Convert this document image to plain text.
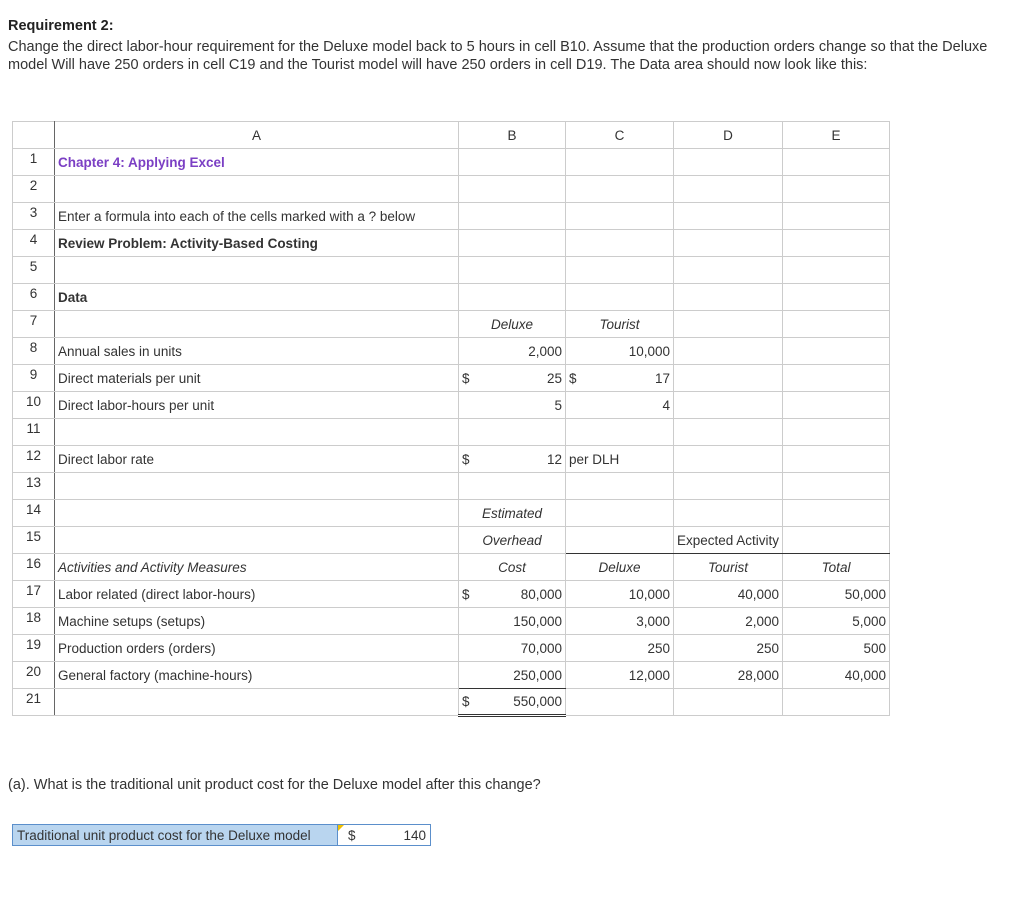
Requirement 2:

Change the direct labor-hour requirement for the Deluxe model back to 5 hours in cell B10. Assume that the production orders change so that the Deluxe model Will have 250 orders in cell C19 and the Tourist model will have 250 orders in cell D19. The Data area should now look like this:

	A	B	C	D	E
1	Chapter 4: Applying Excel				
2					
3	Enter a formula into each of the cells marked with a ? below				
4	Review Problem: Activity-Based Costing				
5					
6	Data				
7		Deluxe	Tourist		
8	Annual sales in units	2,000	10,000		
9	Direct materials per unit	$ 25	$ 17		

10	Direct labor-hours per unit	5	4		
11					
12	Direct labor rate	$ 12	per DLH		
13					
14		Estimated			
15		Overhead		Expected Activity	
16	Activities and Activity Measures	Cost	Deluxe	Tourist	Total
17	Labor related (direct labor-hours)	$ 80,000	10,000	40,000	50,000
18	Machine setups (setups)	150,000	3,000	2,000	5,000
19	Production orders (orders)	70,000	250	250	500
20	General factory (machine-hours)	250,000	12,000	28,000	40,000
21		$ 550,000			

(a). What is the traditional unit product cost for the Deluxe model after this change?

Traditional unit product cost for the Deluxe model	$	140
